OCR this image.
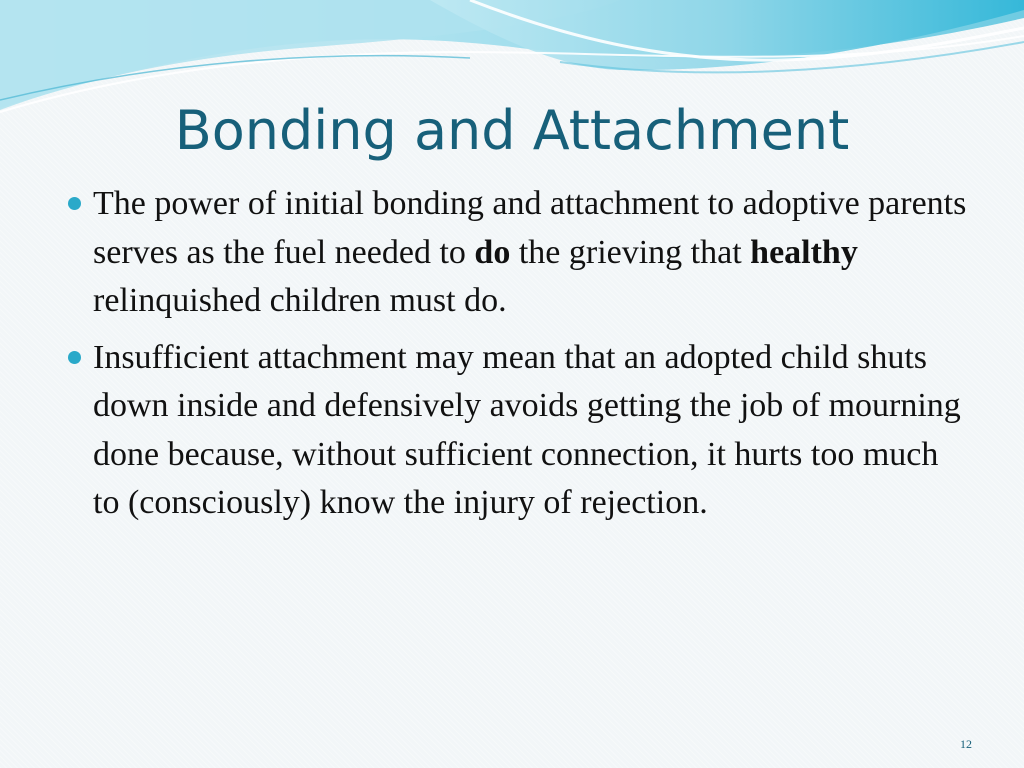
Bonding and Attachment
The power of initial bonding and attachment to adoptive parents serves as the fuel needed to do the grieving that healthy relinquished children must do.
Insufficient attachment may mean that an adopted child shuts down inside and defensively avoids getting the job of mourning done because, without sufficient connection, it hurts too much to (consciously) know the injury of rejection.
12
